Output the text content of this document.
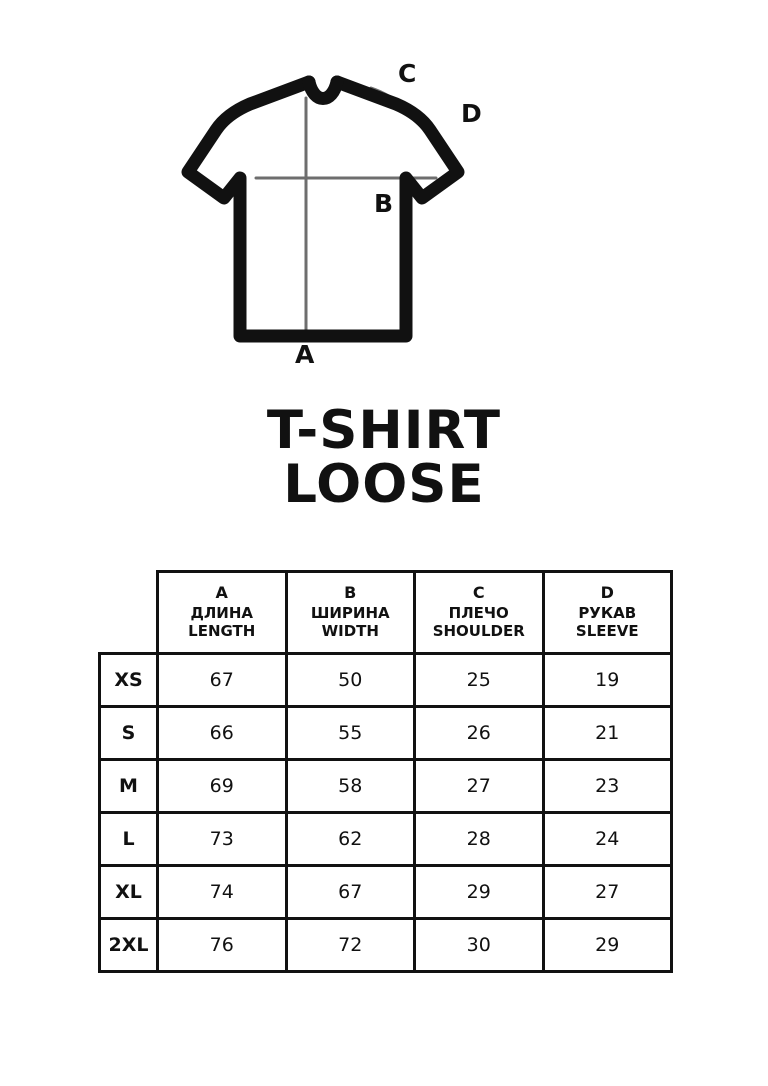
C
D
B
A
T-SHIRT
LOOSE

	A
ДЛИНА
LENGTH	B
ШИРИНА
WIDTH	C
ПЛЕЧО
SHOULDER	D
РУКАВ
SLEEVE

XS	67	50	25	19
S	66	55	26	21
M	69	58	27	23
L	73	62	28	24
XL	74	67	29	27
2XL	76	72	30	29
